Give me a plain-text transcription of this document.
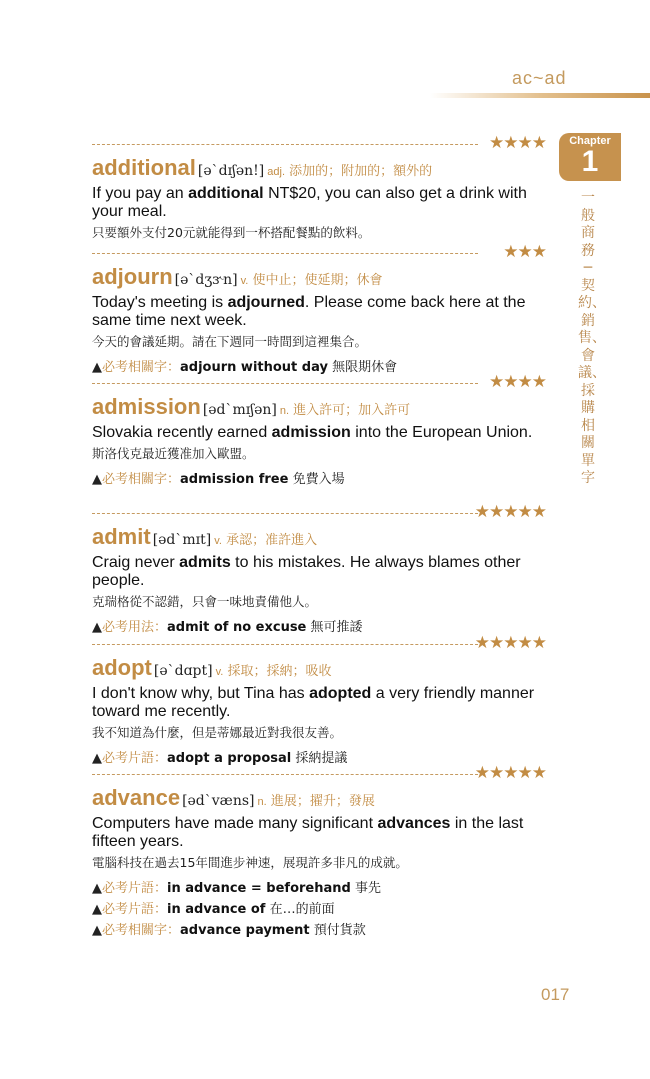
ac~ad
Chapter
1
一般商務─契約、銷售、會議、採購相關單字
★★★★
additional [ə`dɪʃən!] adj. 添加的；附加的；額外的
If you pay an additional NT$20, you can also get a drink with your meal.
只要額外支付20元就能得到一杯搭配餐點的飲料。
★★★
adjourn [ə`dʒɝn] v. 使中止；使延期；休會
Today's meeting is adjourned. Please come back here at the same time next week.
今天的會議延期。請在下週同一時間到這裡集合。
▲必考相關字：adjourn without day 無限期休會
★★★★
admission [əd`mɪʃən] n. 進入許可；加入許可
Slovakia recently earned admission into the European Union.
斯洛伐克最近獲准加入歐盟。
▲必考相關字：admission free 免費入場
★★★★★
admit [əd`mɪt] v. 承認；准許進入
Craig never admits to his mistakes. He always blames other people.
克瑞格從不認錯，只會一味地責備他人。
▲必考用法：admit of no excuse 無可推諉
★★★★★
adopt [ə`dɑpt] v. 採取；採納；吸收
I don't know why, but Tina has adopted a very friendly manner toward me recently.
我不知道為什麼，但是蒂娜最近對我很友善。
▲必考片語：adopt a proposal 採納提議
★★★★★
advance [əd`væns] n. 進展；擢升；發展
Computers have made many significant advances in the last fifteen years.
電腦科技在過去15年間進步神速，展現許多非凡的成就。
▲必考片語：in advance = beforehand 事先
▲必考片語：in advance of 在…的前面
▲必考相關字：advance payment 預付貨款
017
